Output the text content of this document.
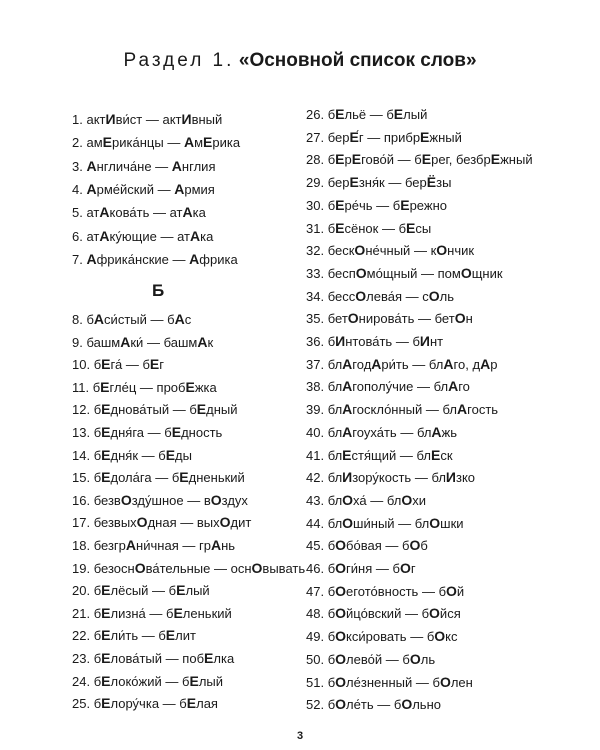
Раздел 1. «Основной список слов»
Б
1. актИвист — актИвный
2. амЕриканцы — АмЕрика
3. Англичане — Англия
4. Армейский — Армия
5. атАковать — атАка
6. атАкующие — атАка
7. Африканские — Африка
8. бАсистый — бАс
9. башмАки — башмАк
10. бЕга — бЕг
11. бЕглец — пробЕжка
12. бЕдноватый — бЕдный
13. бЕдняга — бЕдность
14. бЕдняк — бЕды
15. бЕдолага — бЕдненький
16. безвОздушное — вОздух
17. безвыхОдная — выхОдит
18. безгрАничная — грАнь
19. безоснОвательные — оснОвывать
20. бЕлёсый — бЕлый
21. бЕлизна — бЕленький
22. бЕлить — бЕлит
23. бЕловатый — побЕлка
24. бЕлокожий — бЕлый
25. бЕлоручка — бЕлая
26. бЕльё — бЕлый
27. берЕг — прибрЕжный
28. бЕрЕговой — бЕрег, безбрЕжный
29. берЕзняк — берЁзы
30. бЕречь — бЕрежно
31. бЕсёнок — бЕсы
32. бескОнечный — кОнчик
33. беспОмощный — помОщник
34. бессОлевая — сОль
35. бетОнировать — бетОн
36. бИнтовать — бИнт
37. блАгодАрить — блАго, дАр
38. блАгополучие — блАго
39. блАгосклонный — блАгость
40. блАгоухать — блАжь
41. блЕстящий — блЕск
42. блИзорукость — блИзко
43. блОха — блОхи
44. блОшиный — блОшки
45. бОбовая — бОб
46. бОгиня — бОг
47. бОеготовность — бОй
48. бОйцовский — бОйся
49. бОксировать — бОкс
50. бОлевой — бОль
51. бОлезненный — бОлен
52. бОлеть — бОльно
3
